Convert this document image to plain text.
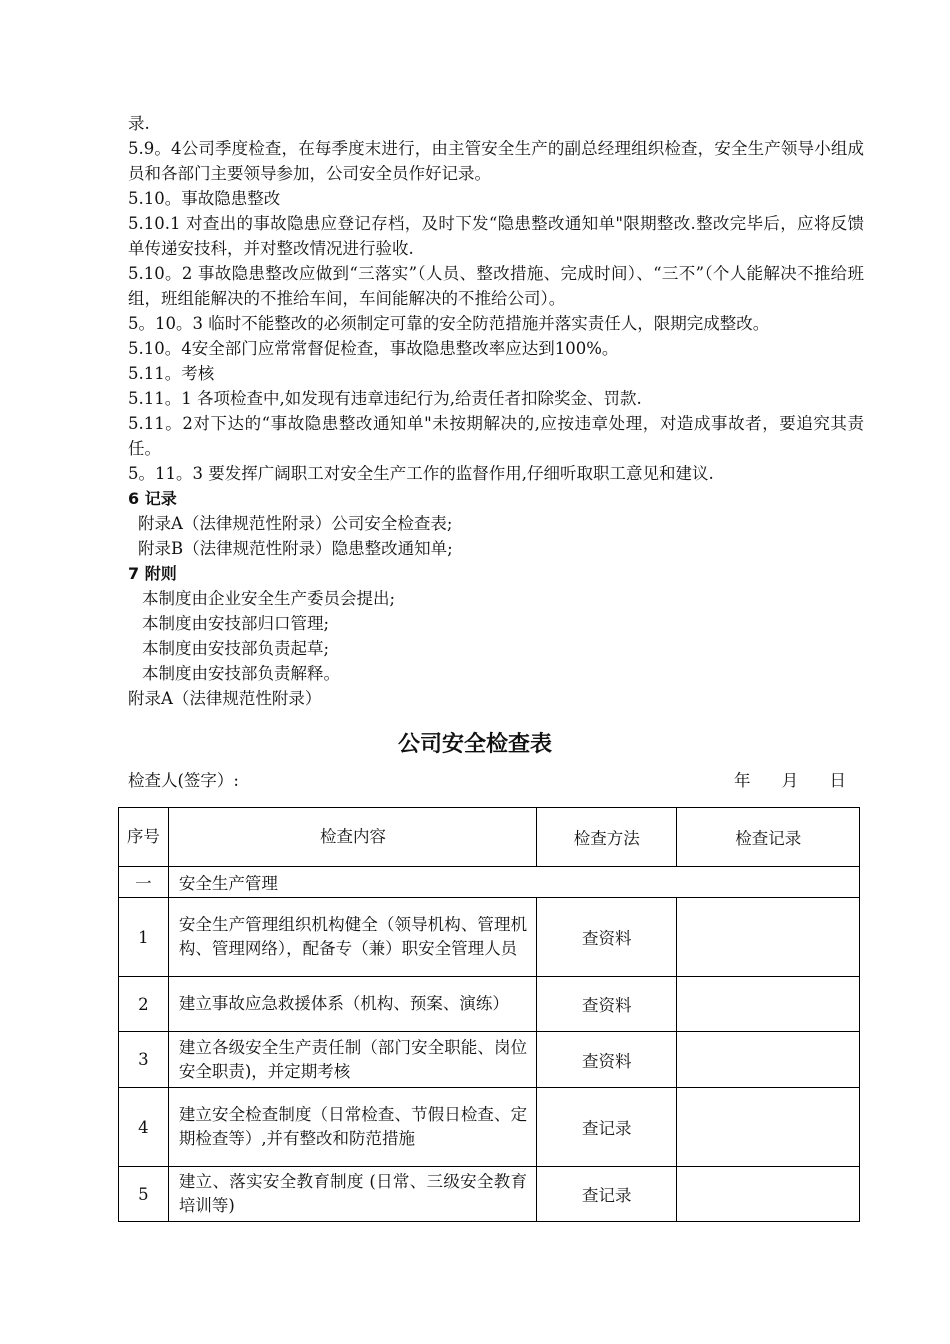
录.
5.9。4公司季度检查，在每季度末进行，由主管安全生产的副总经理组织检查，安全生产领导小组成员和各部门主要领导参加，公司安全员作好记录。
5.10。事故隐患整改
5.10.1 对查出的事故隐患应登记存档，及时下发“隐患整改通知单"限期整改.整改完毕后，应将反馈单传递安技科，并对整改情况进行验收.
5.10。2 事故隐患整改应做到“三落实”（人员、整改措施、完成时间）、“三不”（个人能解决不推给班组，班组能解决的不推给车间，车间能解决的不推给公司）。
5。10。3 临时不能整改的必须制定可靠的安全防范措施并落实责任人，限期完成整改。
5.10。4安全部门应常常督促检查，事故隐患整改率应达到100%。
5.11。考核
5.11。1 各项检查中,如发现有违章违纪行为,给责任者扣除奖金、罚款.
5.11。2对下达的“事故隐患整改通知单"未按期解决的,应按违章处理，对造成事故者，要追究其责任。
5。11。3 要发挥广阔职工对安全生产工作的监督作用,仔细听取职工意见和建议.
6 记录
附录A（法律规范性附录）公司安全检查表;
附录B（法律规范性附录）隐患整改通知单;
7 附则
本制度由企业安全生产委员会提出;
本制度由安技部归口管理;
本制度由安技部负责起草;
本制度由安技部负责解释。
附录A（法律规范性附录）
公司安全检查表
检查人(签字）:	年 月 日
序号	检查内容	检查方法	检查记录
一	安全生产管理		
1	安全生产管理组织机构健全（领导机构、管理机构、管理网络），配备专（兼）职安全管理人员	查资料	
2	建立事故应急救援体系（机构、预案、演练）	查资料	
3	建立各级安全生产责任制（部门安全职能、岗位安全职责)，并定期考核	查资料	
4	建立安全检查制度（日常检查、节假日检查、定期检查等）,并有整改和防范措施	查记录	
5	建立、落实安全教育制度 (日常、三级安全教育培训等)	查记录	
